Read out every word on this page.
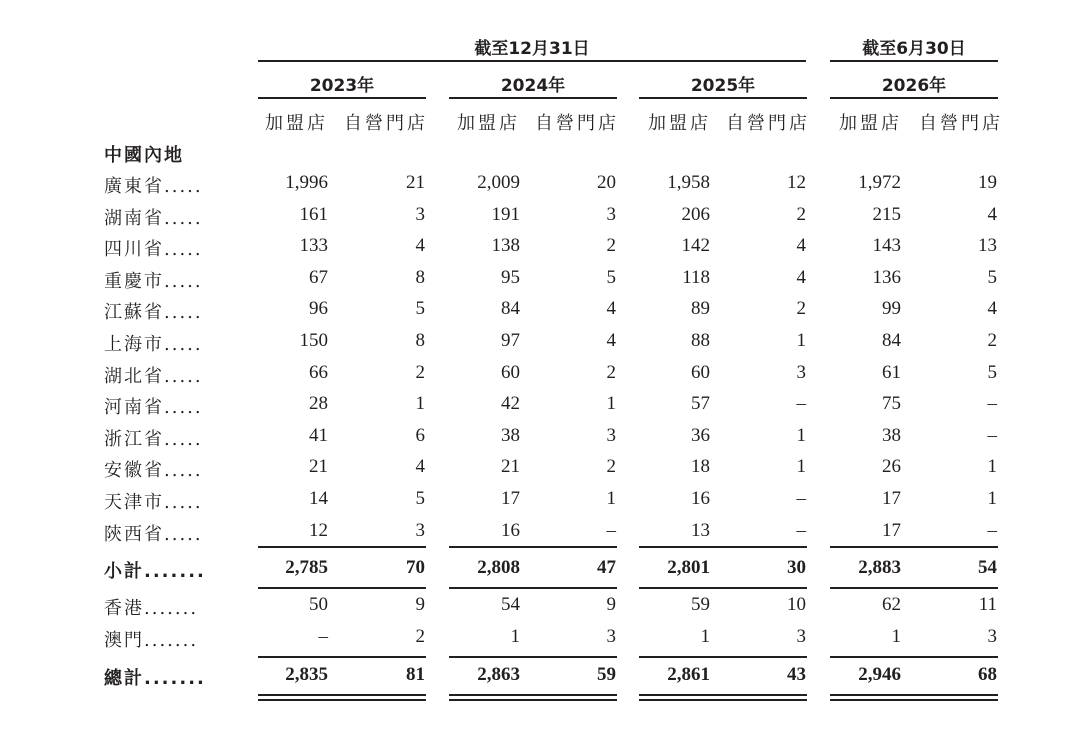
截至12月31日	截至6月30日
2023年	2024年	2025年	2026年
加盟店 自營門店 加盟店 自營門店 加盟店 自營門店 加盟店 自營門店
中國內地
廣東省.....	1,996	21	2,009	20	1,958	12	1,972	19
湖南省.....	161	3	191	3	206	2	215	4
四川省.....	133	4	138	2	142	4	143	13
重慶市.....	67	8	95	5	118	4	136	5
江蘇省.....	96	5	84	4	89	2	99	4
上海市.....	150	8	97	4	88	1	84	2
湖北省.....	66	2	60	2	60	3	61	5
河南省.....	28	1	42	1	57	–	75	–
浙江省.....	41	6	38	3	36	1	38	–
安徽省.....	21	4	21	2	18	1	26	1
天津市.....	14	5	17	1	16	–	17	1
陝西省.....	12	3	16	–	13	–	17	–
小計.......	2,785	70	2,808	47	2,801	30	2,883	54
香港.......	50	9	54	9	59	10	62	11
澳門.......	–	2	1	3	1	3	1	3
總計.......	2,835	81	2,863	59	2,861	43	2,946	68
